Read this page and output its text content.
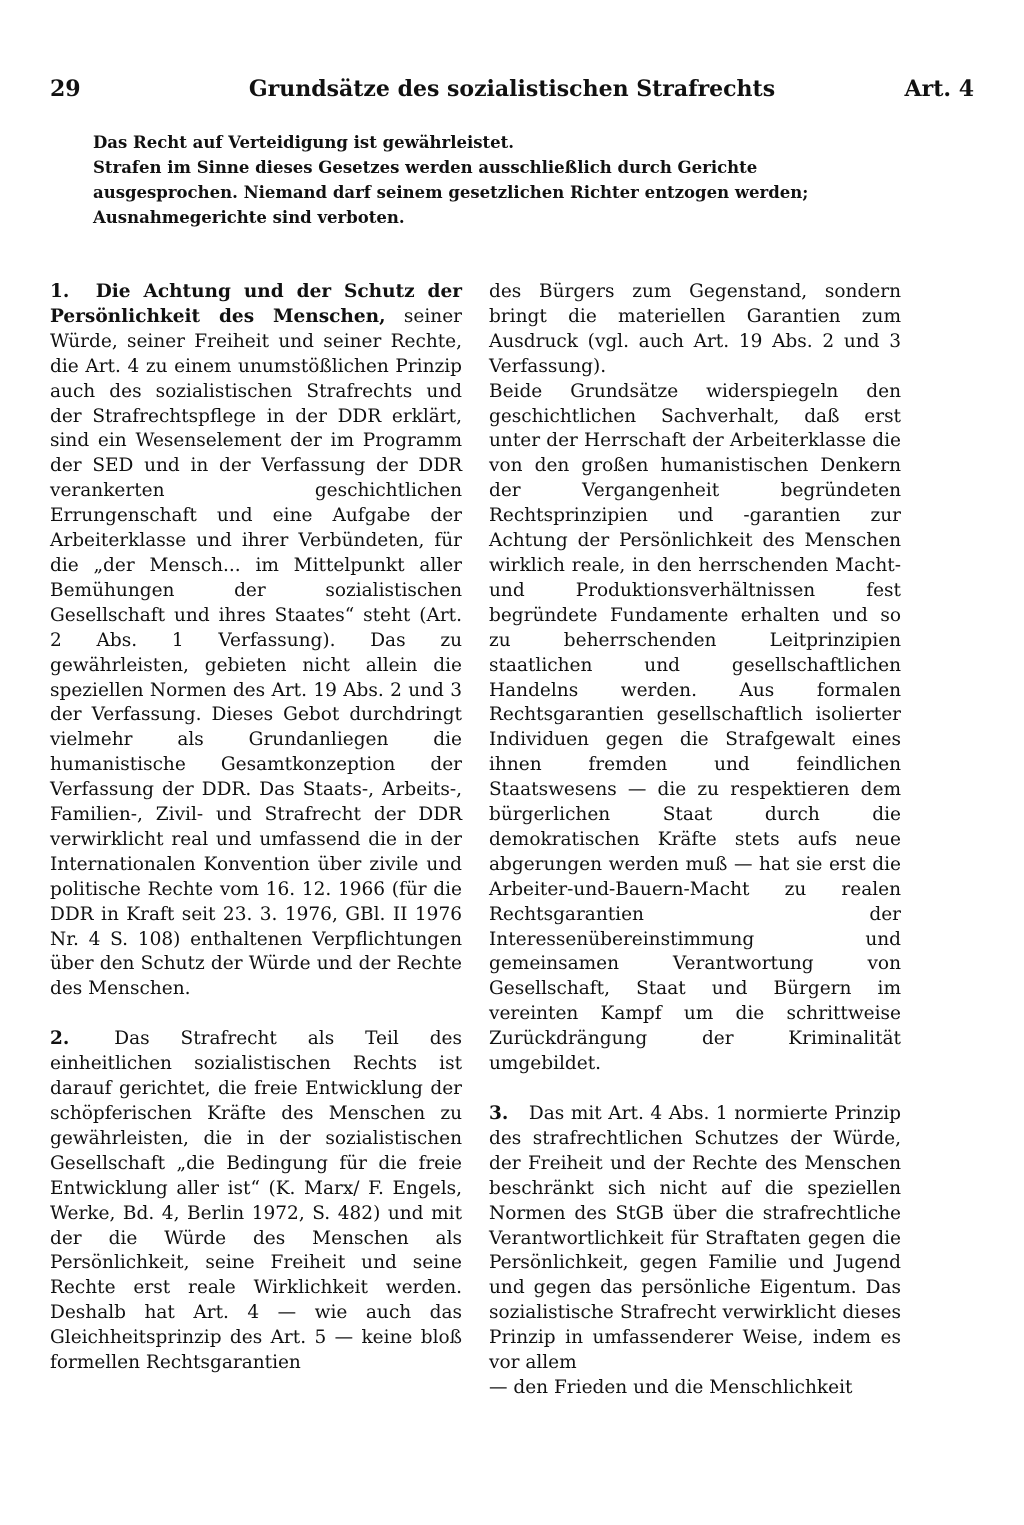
29	Grundsätze des sozialistischen Strafrechts	Art. 4

Das Recht auf Verteidigung ist gewährleistet.

Strafen im Sinne dieses Gesetzes werden ausschließlich durch Gerichte ausgesprochen. Niemand darf seinem gesetzlichen Richter entzogen werden; Ausnahmegerichte sind verboten.

1. Die Achtung und der Schutz der Persönlichkeit des Menschen, seiner Würde, seiner Freiheit und seiner Rechte, die Art. 4 zu einem unumstößlichen Prinzip auch des sozialistischen Strafrechts und der Strafrechtspflege in der DDR erklärt, sind ein Wesenselement der im Programm der SED und in der Verfassung der DDR verankerten geschichtlichen Errungenschaft und eine Aufgabe der Arbeiterklasse und ihrer Verbündeten, für die „der Mensch... im Mittelpunkt aller Bemühungen der sozialistischen Gesellschaft und ihres Staates“ steht (Art. 2 Abs. 1 Verfassung). Das zu gewährleisten, gebieten nicht allein die speziellen Normen des Art. 19 Abs. 2 und 3 der Verfassung. Dieses Gebot durchdringt vielmehr als Grundanliegen die humanistische Gesamtkonzeption der Verfassung der DDR. Das Staats-, Arbeits-, Familien-, Zivil- und Strafrecht der DDR verwirklicht real und umfassend die in der Internationalen Konvention über zivile und politische Rechte vom 16. 12. 1966 (für die DDR in Kraft seit 23. 3. 1976, GBl. II 1976 Nr. 4 S. 108) enthaltenen Verpflichtungen über den Schutz der Würde und der Rechte des Menschen.

2. Das Strafrecht als Teil des einheitlichen sozialistischen Rechts ist darauf gerichtet, die freie Entwicklung der schöpferischen Kräfte des Menschen zu gewährleisten, die in der sozialistischen Gesellschaft „die Bedingung für die freie Entwicklung aller ist“ (K. Marx/ F. Engels, Werke, Bd. 4, Berlin 1972, S. 482) und mit der die Würde des Menschen als Persönlichkeit, seine Freiheit und seine Rechte erst reale Wirklichkeit werden. Deshalb hat Art. 4 — wie auch das Gleichheitsprinzip des Art. 5 — keine bloß formellen Rechtsgarantien

des Bürgers zum Gegenstand, sondern bringt die materiellen Garantien zum Ausdruck (vgl. auch Art. 19 Abs. 2 und 3 Verfassung).

Beide Grundsätze widerspiegeln den geschichtlichen Sachverhalt, daß erst unter der Herrschaft der Arbeiterklasse die von den großen humanistischen Denkern der Vergangenheit begründeten Rechtsprinzipien und -garantien zur Achtung der Persönlichkeit des Menschen wirklich reale, in den herrschenden Macht- und Produktionsverhältnissen fest begründete Fundamente erhalten und so zu beherrschenden Leitprinzipien staatlichen und gesellschaftlichen Handelns werden. Aus formalen Rechtsgarantien gesellschaftlich isolierter Individuen gegen die Strafgewalt eines ihnen fremden und feindlichen Staatswesens — die zu respektieren dem bürgerlichen Staat durch die demokratischen Kräfte stets aufs neue abgerungen werden muß — hat sie erst die Arbeiter-und-Bauern-Macht zu realen Rechtsgarantien der Interessenübereinstimmung und gemeinsamen Verantwortung von Gesellschaft, Staat und Bürgern im vereinten Kampf um die schrittweise Zurückdrängung der Kriminalität umgebildet.

3. Das mit Art. 4 Abs. 1 normierte Prinzip des strafrechtlichen Schutzes der Würde, der Freiheit und der Rechte des Menschen beschränkt sich nicht auf die speziellen Normen des StGB über die strafrechtliche Verantwortlichkeit für Straftaten gegen die Persönlichkeit, gegen Familie und Jugend und gegen das persönliche Eigentum. Das sozialistische Strafrecht verwirklicht dieses Prinzip in umfassenderer Weise, indem es vor allem

— den Frieden und die Menschlichkeit
